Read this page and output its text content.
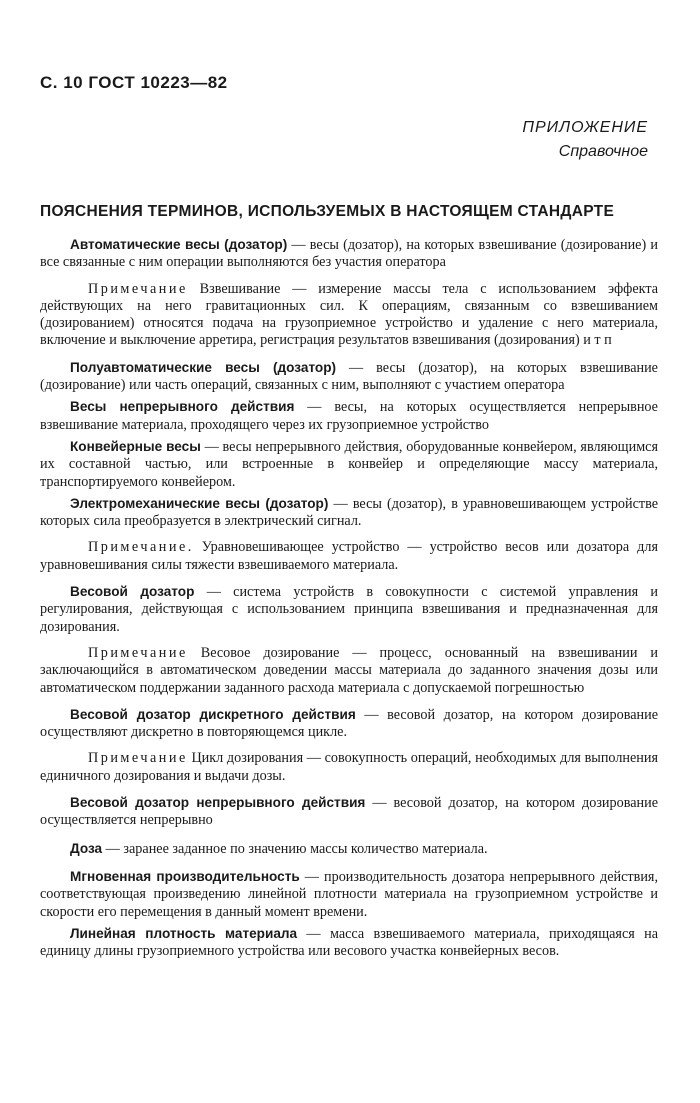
С. 10 ГОСТ 10223—82
ПРИЛОЖЕНИЕ
Справочное
ПОЯСНЕНИЯ ТЕРМИНОВ, ИСПОЛЬЗУЕМЫХ В НАСТОЯЩЕМ СТАНДАРТЕ

Автоматические весы (дозатор) — весы (дозатор), на которых взвешивание (дозирование) и все связанные с ним операции выполняются без участия оператора

Примечание Взвешивание — измерение массы тела с использованием эффекта действующих на него гравитационных сил. К операциям, связанным со взвешиванием (дозированием) относятся подача на грузоприемное устройство и удаление с него материала, включение и выключение арретира, регистрация результатов взвешивания (дозирования) и т п

Полуавтоматические весы (дозатор) — весы (дозатор), на которых взвешивание (дозирование) или часть операций, связанных с ним, выполняют с участием оператора

Весы непрерывного действия — весы, на которых осуществляется непрерывное взвешивание материала, проходящего через их грузоприемное устройство

Конвейерные весы — весы непрерывного действия, оборудованные конвейером, являющимся их составной частью, или встроенные в конвейер и определяющие массу материала, транспортируемого конвейером.

Электромеханические весы (дозатор) — весы (дозатор), в уравновешивающем устройстве которых сила преобразуется в электрический сигнал.

Примечание. Уравновешивающее устройство — устройство весов или дозатора для уравновешивания силы тяжести взвешиваемого материала.

Весовой дозатор — система устройств в совокупности с системой управления и регулирования, действующая с использованием принципа взвешивания и предназначенная для дозирования.

Примечание Весовое дозирование — процесс, основанный на взвешивании и заключающийся в автоматическом доведении массы материала до заданного значения дозы или автоматическом поддержании заданного расхода материала с допускаемой погрешностью

Весовой дозатор дискретного действия — весовой дозатор, на котором дозирование осуществляют дискретно в повторяющемся цикле.

Примечание Цикл дозирования — совокупность операций, необходимых для выполнения единичного дозирования и выдачи дозы.

Весовой дозатор непрерывного действия — весовой дозатор, на котором дозирование осуществляется непрерывно

Доза — заранее заданное по значению массы количество материала.

Мгновенная производительность — производительность дозатора непрерывного действия, соответствующая произведению линейной плотности материала на грузоприемном устройстве и скорости его перемещения в данный момент времени.

Линейная плотность материала — масса взвешиваемого материала, приходящаяся на единицу длины грузоприемного устройства или весового участка конвейерных весов.
